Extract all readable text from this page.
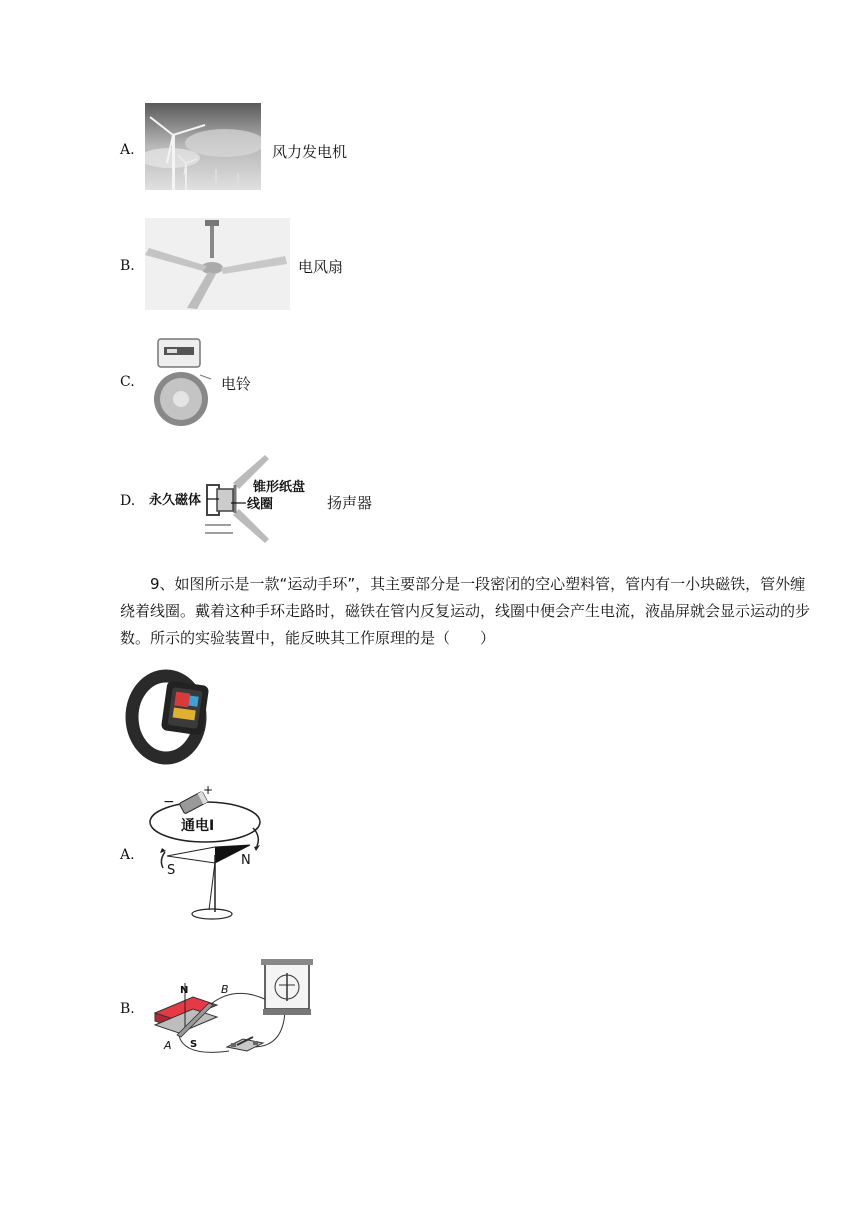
A.	风力发电机
B.	电风扇
C.	电铃
D. 永久磁体
锥形纸盘
线圈	扬声器
9、如图所示是一款“运动手环”，其主要部分是一段密闭的空心塑料管，管内有一小块磁铁，管外缠绕着线圈。戴着这种手环走路时，磁铁在管内反复运动，线圈中便会产生电流，液晶屏就会显示运动的步数。所示的实验装置中，能反映其工作原理的是（　　）
A.
−
+
通电I
N
S
B.
N
S
A
B
